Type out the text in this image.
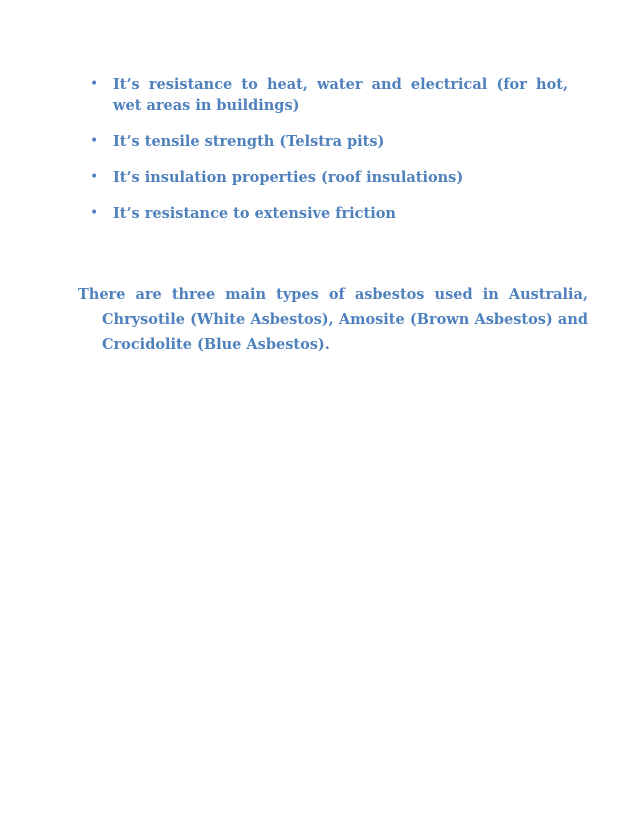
• It’s resistance to heat, water and electrical (for hot, wet areas in buildings)
• It’s tensile strength (Telstra pits)
• It’s insulation properties (roof insulations)
• It’s resistance to extensive friction

There are three main types of asbestos used in Australia, Chrysotile (White Asbestos), Amosite (Brown Asbestos) and Crocidolite (Blue Asbestos).
